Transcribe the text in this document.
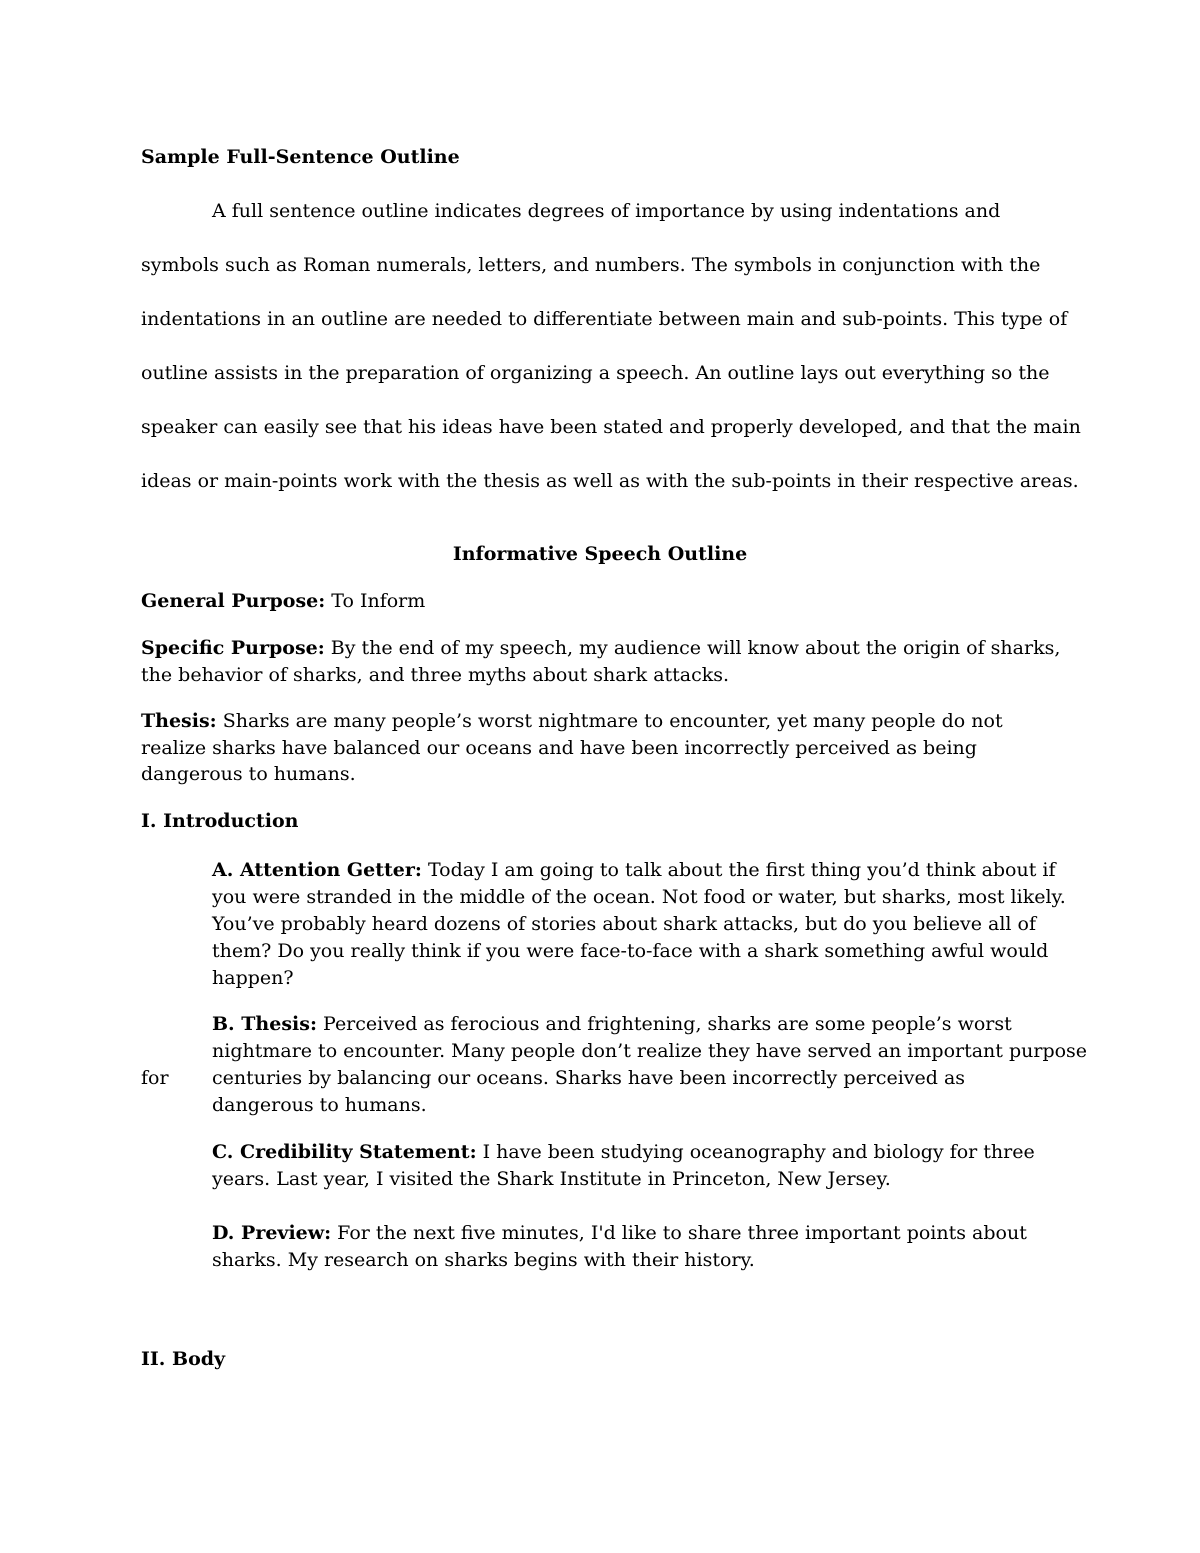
Sample Full-Sentence Outline

A full sentence outline indicates degrees of importance by using indentations and

symbols such as Roman numerals, letters, and numbers. The symbols in conjunction with the

indentations in an outline are needed to differentiate between main and sub-points. This type of

outline assists in the preparation of organizing a speech. An outline lays out everything so the

speaker can easily see that his ideas have been stated and properly developed, and that the main

ideas or main-points work with the thesis as well as with the sub-points in their respective areas.

Informative Speech Outline

General Purpose: To Inform

Specific Purpose: By the end of my speech, my audience will know about the origin of sharks, the behavior of sharks, and three myths about shark attacks.

Thesis: Sharks are many people’s worst nightmare to encounter, yet many people do not realize sharks have balanced our oceans and have been incorrectly perceived as being dangerous to humans.

I. Introduction

A. Attention Getter: Today I am going to talk about the first thing you’d think about if
you were stranded in the middle of the ocean. Not food or water, but sharks, most likely.
You’ve probably heard dozens of stories about shark attacks, but do you believe all of
them? Do you really think if you were face-to-face with a shark something awful would
happen?
B. Thesis: Perceived as ferocious and frightening, sharks are some people’s worst
nightmare to encounter. Many people don’t realize they have served an important purpose
centuries by balancing our oceans. Sharks have been incorrectly perceived as
dangerous to humans.

for

C. Credibility Statement: I have been studying oceanography and biology for three
years. Last year, I visited the Shark Institute in Princeton, New Jersey.
D. Preview: For the next five minutes, I'd like to share three important points about
sharks. My research on sharks begins with their history.

II. Body
